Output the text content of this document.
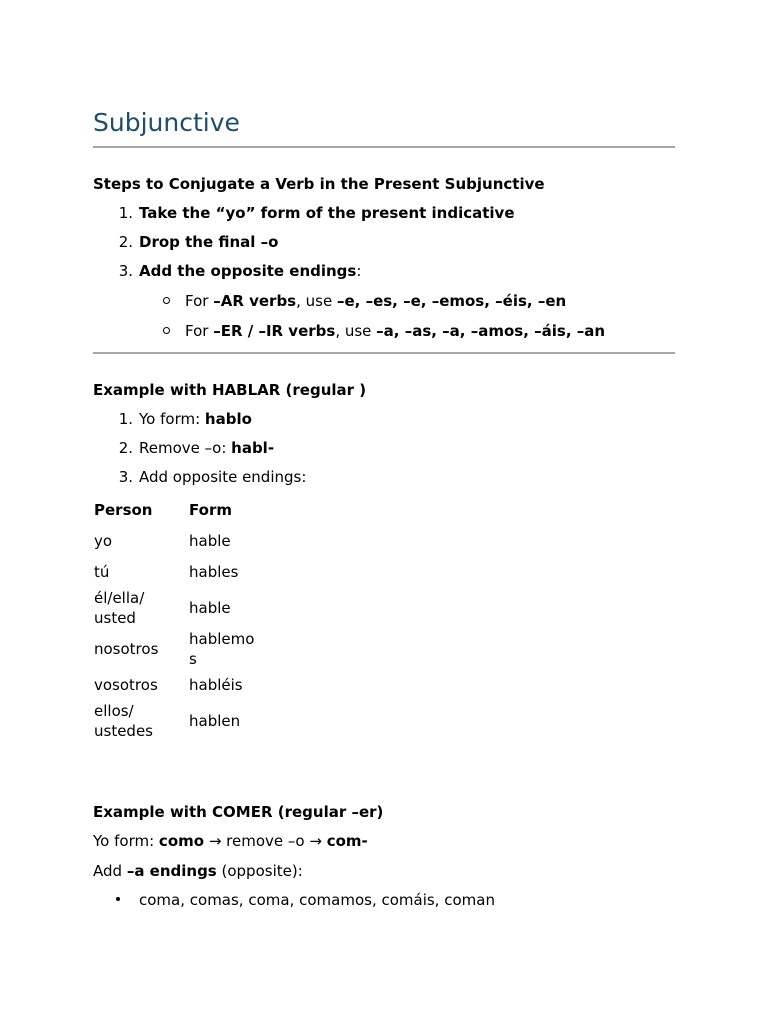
Subjunctive
Steps to Conjugate a Verb in the Present Subjunctive
1. Take the “yo” form of the present indicative
2. Drop the final –o
3. Add the opposite endings:
For –AR verbs, use –e, –es, –e, –emos, –éis, –en
For –ER / –IR verbs, use –a, –as, –a, –amos, –áis, –an
Example with HABLAR (regular )
1. Yo form: hablo
2. Remove –o: habl-
3. Add opposite endings:
Person	Form
yo	hable
tú	hables
él/ella/ usted	hable
nosotros	hablemos
vosotros	habléis
ellos/ ustedes	hablen
Example with COMER (regular –er)
Yo form: como → remove –o → com-
Add –a endings (opposite):
coma, comas, coma, comamos, comáis, coman
